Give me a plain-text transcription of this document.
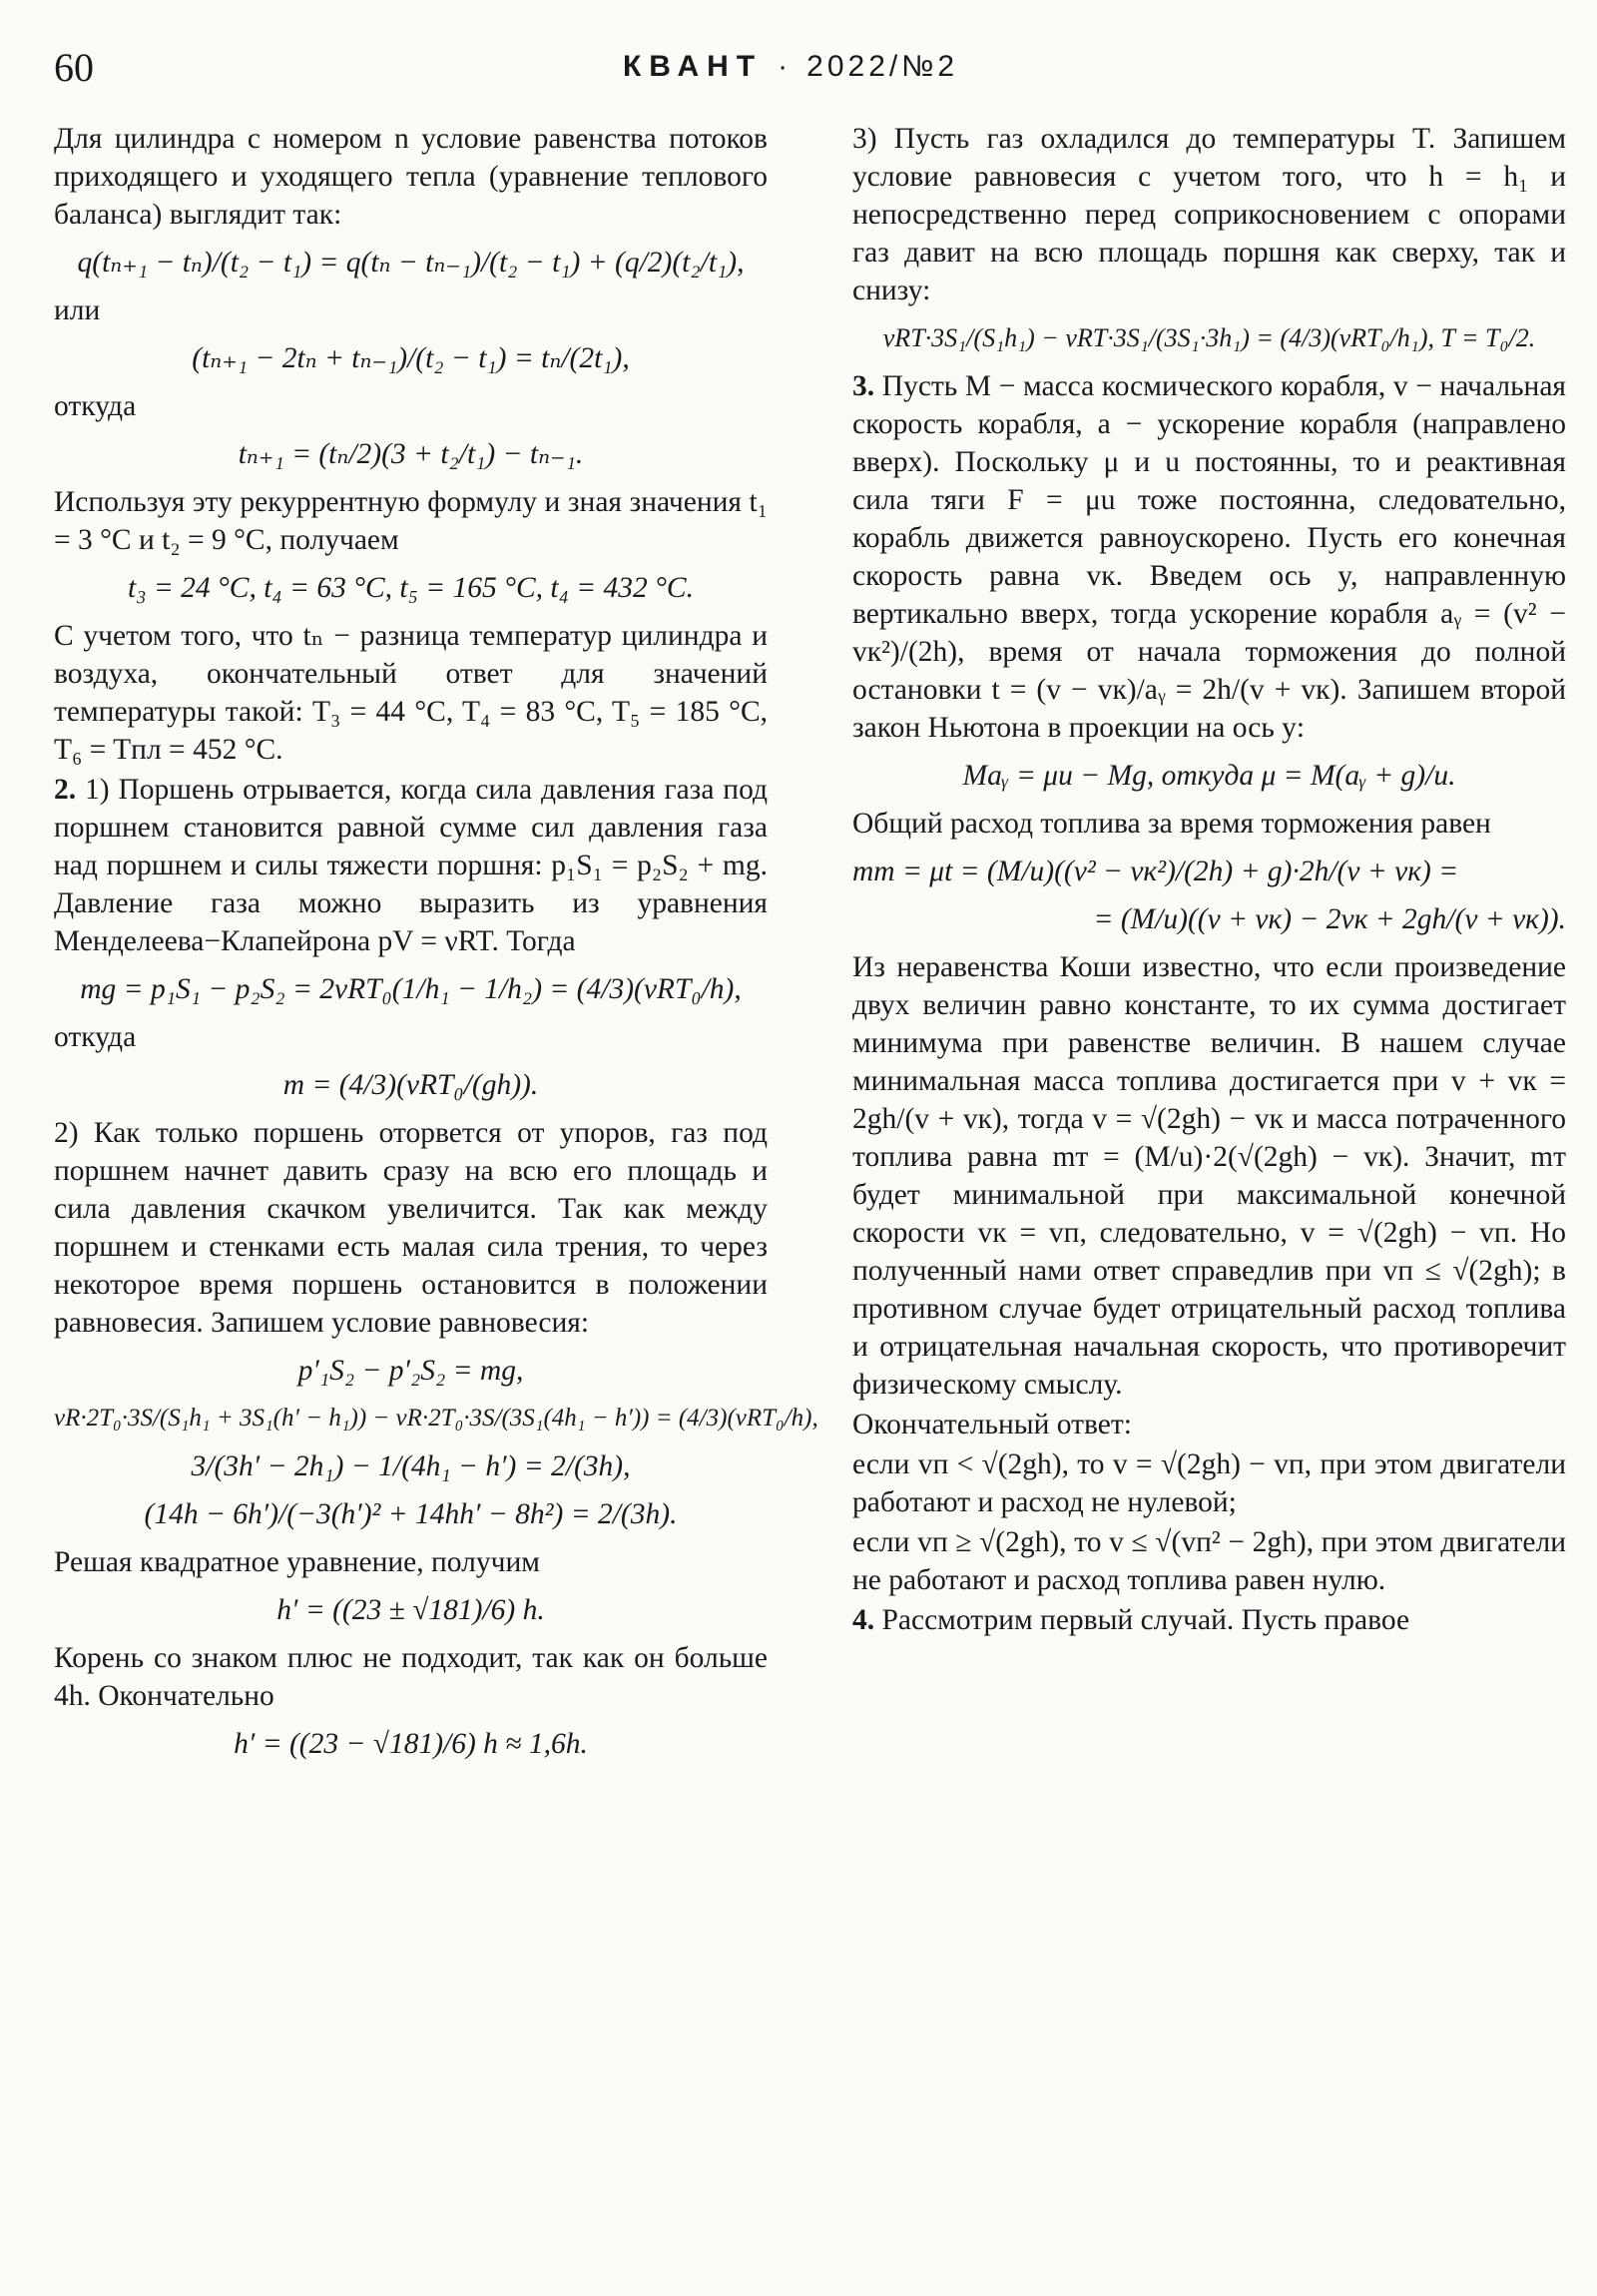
60	КВАНТ · 2022/№2

Для цилиндра с номером n условие равенства потоков приходящего и уходящего тепла (уравнение теплового баланса) выглядит так:

q(tₙ₊₁ − tₙ)/(t₂ − t₁) = q(tₙ − tₙ₋₁)/(t₂ − t₁) + (q/2)(t₂/t₁),

или

(tₙ₊₁ − 2tₙ + tₙ₋₁)/(t₂ − t₁) = tₙ/(2t₁),

откуда

tₙ₊₁ = (tₙ/2)(3 + t₂/t₁) − tₙ₋₁.

Используя эту рекуррентную формулу и зная значения t₁ = 3 °C и t₂ = 9 °C, получаем

t₃ = 24 °C, t₄ = 63 °C, t₅ = 165 °C, t₄ = 432 °C.

С учетом того, что tₙ − разница температур цилиндра и воздуха, окончательный ответ для значений температуры такой: T₃ = 44 °C, T₄ = 83 °C, T₅ = 185 °C, T₆ = Tпл = 452 °C.

2. 1) Поршень отрывается, когда сила давления газа под поршнем становится равной сумме сил давления газа над поршнем и силы тяжести поршня: p₁S₁ = p₂S₂ + mg. Давление газа можно выразить из уравнения Менделеева−Клапейрона pV = νRT. Тогда

mg = p₁S₁ − p₂S₂ = 2νRT₀(1/h₁ − 1/h₂) = (4/3)(νRT₀/h),

откуда

m = (4/3)(νRT₀/(gh)).

2) Как только поршень оторвется от упоров, газ под поршнем начнет давить сразу на всю его площадь и сила давления скачком увеличится. Так как между поршнем и стенками есть малая сила трения, то через некоторое время поршень остановится в положении равновесия. Запишем условие равновесия:

p′₁S₂ − p′₂S₂ = mg,
νR·2T₀·3S/(S₁h₁ + 3S₁(h′ − h₁)) − νR·2T₀·3S/(3S₁(4h₁ − h′)) = (4/3)(νRT₀/h),
3/(3h′ − 2h₁) − 1/(4h₁ − h′) = 2/(3h),
(14h − 6h′)/(−3(h′)² + 14hh′ − 8h²) = 2/(3h).

Решая квадратное уравнение, получим

h′ = ((23 ± √181)/6) h.

Корень со знаком плюс не подходит, так как он больше 4h. Окончательно

h′ = ((23 − √181)/6) h ≈ 1,6h.

3) Пусть газ охладился до температуры T. Запишем условие равновесия с учетом того, что h = h₁ и непосредственно перед соприкосновением с опорами газ давит на всю площадь поршня как сверху, так и снизу:

νRT·3S₁/(S₁h₁) − νRT·3S₁/(3S₁·3h₁) = (4/3)(νRT₀/h₁), T = T₀/2.

3. Пусть M − масса космического корабля, v − начальная скорость корабля, a − ускорение корабля (направлено вверх). Поскольку μ и u постоянны, то и реактивная сила тяги F = μu тоже постоянна, следовательно, корабль движется равноускорено. Пусть его конечная скорость равна vк. Введем ось y, направленную вертикально вверх, тогда ускорение корабля aᵧ = (v² − vк²)/(2h), время от начала торможения до полной остановки t = (v − vк)/aᵧ = 2h/(v + vк). Запишем второй закон Ньютона в проекции на ось y:

Maᵧ = μu − Mg, откуда μ = M(aᵧ + g)/u.

Общий расход топлива за время торможения равен

mт = μt = (M/u)((v² − vк²)/(2h) + g)·2h/(v + vк) =
= (M/u)((v + vк) − 2vк + 2gh/(v + vк)).

Из неравенства Коши известно, что если произведение двух величин равно константе, то их сумма достигает минимума при равенстве величин. В нашем случае минимальная масса топлива достигается при v + vк = 2gh/(v + vк), тогда v = √(2gh) − vк и масса потраченного топлива равна mт = (M/u)·2(√(2gh) − vк). Значит, mт будет минимальной при максимальной конечной скорости vк = vп, следовательно, v = √(2gh) − vп. Но полученный нами ответ справедлив при vп ≤ √(2gh); в противном случае будет отрицательный расход топлива и отрицательная начальная скорость, что противоречит физическому смыслу.

Окончательный ответ:

если vп < √(2gh), то v = √(2gh) − vп, при этом двигатели работают и расход не нулевой;

если vп ≥ √(2gh), то v ≤ √(vп² − 2gh), при этом двигатели не работают и расход топлива равен нулю.

4. Рассмотрим первый случай. Пусть правое
